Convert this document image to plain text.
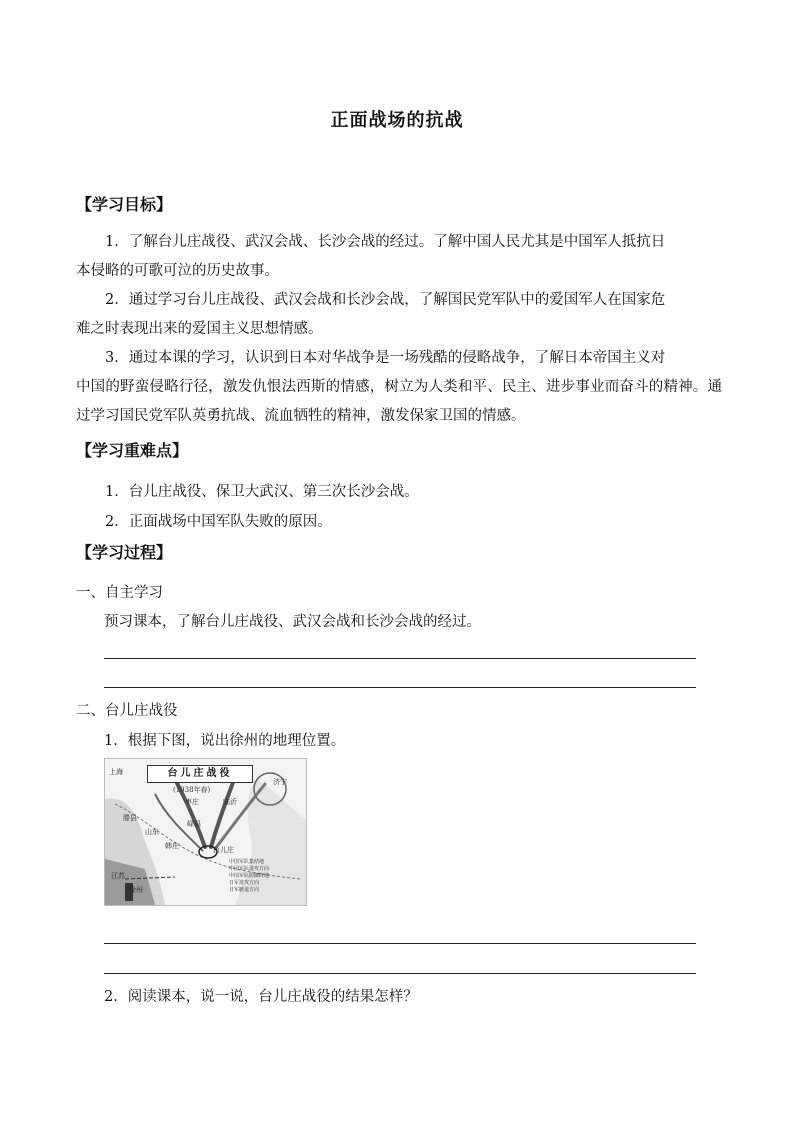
正面战场的抗战
【学习目标】

1．了解台儿庄战役、武汉会战、长沙会战的经过。了解中国人民尤其是中国军人抵抗日
本侵略的可歌可泣的历史故事。

2．通过学习台儿庄战役、武汉会战和长沙会战，了解国民党军队中的爱国军人在国家危
难之时表现出来的爱国主义思想情感。

3．通过本课的学习，认识到日本对华战争是一场残酷的侵略战争，了解日本帝国主义对
中国的野蛮侵略行径，激发仇恨法西斯的情感，树立为人类和平、民主、进步事业而奋斗的精神。通过学习国民党军队英勇抗战、流血牺牲的精神，激发保家卫国的情感。

【学习重难点】
1．台儿庄战役、保卫大武汉、第三次长沙会战。
2．正面战场中国军队失败的原因。
【学习过程】
一、自主学习
预习课本，了解台儿庄战役、武汉会战和长沙会战的经过。
二、台儿庄战役
1．根据下图，说出徐州的地理位置。
台儿庄战役
(1938年春)
上海
滕县
峄县
台儿庄
韩庄
枣庄	临沂
山东
江苏
徐州
济宁
中国军队集结地
中国军队进攻方向
中国军队防御阵地
日军进攻方向
日军撤退方向
2．阅读课本，说一说，台儿庄战役的结果怎样？
